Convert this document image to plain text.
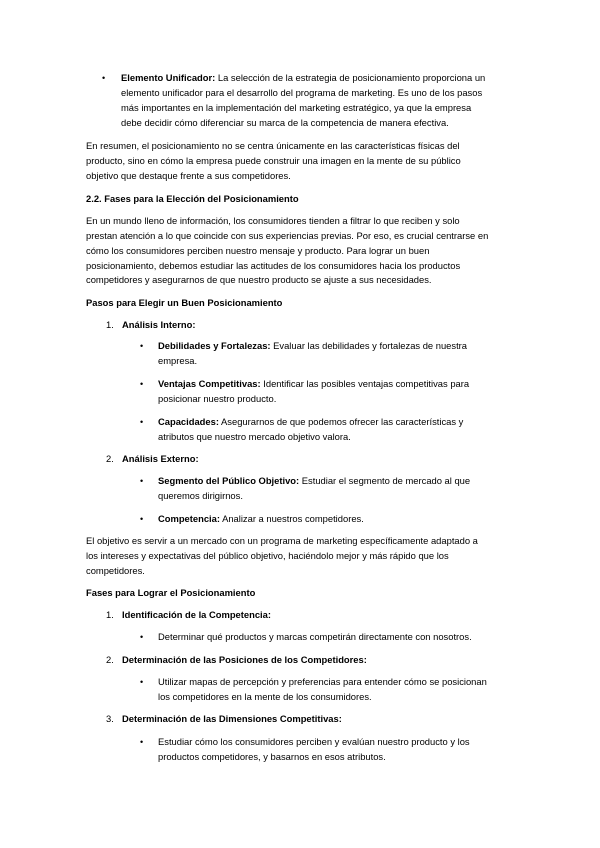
• Elemento Unificador: La selección de la estrategia de posicionamiento proporciona un
elemento unificador para el desarrollo del programa de marketing. Es uno de los pasos
más importantes en la implementación del marketing estratégico, ya que la empresa
debe decidir cómo diferenciar su marca de la competencia de manera efectiva.
En resumen, el posicionamiento no se centra únicamente en las características físicas del
producto, sino en cómo la empresa puede construir una imagen en la mente de su público
objetivo que destaque frente a sus competidores.
2.2. Fases para la Elección del Posicionamiento
En un mundo lleno de información, los consumidores tienden a filtrar lo que reciben y solo
prestan atención a lo que coincide con sus experiencias previas. Por eso, es crucial centrarse en
cómo los consumidores perciben nuestro mensaje y producto. Para lograr un buen
posicionamiento, debemos estudiar las actitudes de los consumidores hacia los productos
competidores y asegurarnos de que nuestro producto se ajuste a sus necesidades.
Pasos para Elegir un Buen Posicionamiento
1. Análisis Interno:
• Debilidades y Fortalezas: Evaluar las debilidades y fortalezas de nuestra
empresa.
• Ventajas Competitivas: Identificar las posibles ventajas competitivas para
posicionar nuestro producto.
• Capacidades: Asegurarnos de que podemos ofrecer las características y
atributos que nuestro mercado objetivo valora.
2. Análisis Externo:
• Segmento del Público Objetivo: Estudiar el segmento de mercado al que
queremos dirigirnos.
• Competencia: Analizar a nuestros competidores.
El objetivo es servir a un mercado con un programa de marketing específicamente adaptado a
los intereses y expectativas del público objetivo, haciéndolo mejor y más rápido que los
competidores.
Fases para Lograr el Posicionamiento
1. Identificación de la Competencia:
• Determinar qué productos y marcas competirán directamente con nosotros.
2. Determinación de las Posiciones de los Competidores:
• Utilizar mapas de percepción y preferencias para entender cómo se posicionan
los competidores en la mente de los consumidores.
3. Determinación de las Dimensiones Competitivas:
• Estudiar cómo los consumidores perciben y evalúan nuestro producto y los
productos competidores, y basarnos en esos atributos.
